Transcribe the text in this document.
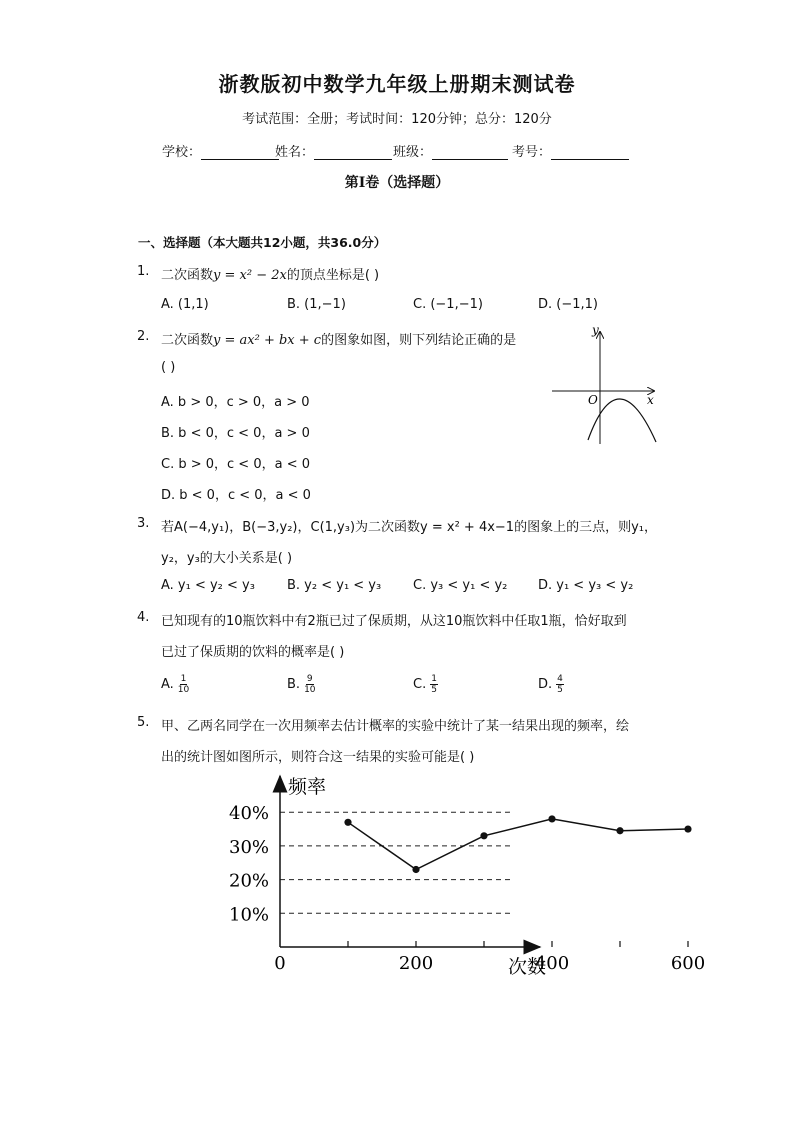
浙教版初中数学九年级上册期末测试卷
考试范围：全册；考试时间：120分钟；总分：120分
学校：	姓名：	班级：	考号：
第I卷（选择题）
一、选择题（本大题共12小题，共36.0分）
1. 二次函数y = x² − 2x的顶点坐标是( )
A. (1,1)	B. (1,−1)	C. (−1,−1)	D. (−1,1)
2. 二次函数y = ax² + bx + c的图象如图，则下列结论正确的是
( )
A. b > 0，c > 0，a > 0
B. b < 0，c < 0，a > 0
C. b > 0，c < 0，a < 0
D. b < 0，c < 0，a < 0
y
x
O
3. 若A(−4,y₁)，B(−3,y₂)，C(1,y₃)为二次函数y = x² + 4x−1的图象上的三点，则y₁，
y₂，y₃的大小关系是( )
A. y₁ < y₂ < y₃ B. y₂ < y₁ < y₃ C. y₃ < y₁ < y₂ D. y₁ < y₃ < y₂
4. 已知现有的10瓶饮料中有2瓶已过了保质期，从这10瓶饮料中任取1瓶，恰好取到
已过了保质期的饮料的概率是( )
A. $\frac{1}{10}$	B. $\frac{9}{10}$	C. $\frac{1}{5}$	D. $\frac{4}{5}$
5. 甲、乙两名同学在一次用频率去估计概率的实验中统计了某一结果出现的频率，绘
出的统计图如图所示，则符合这一结果的实验可能是( )
频率
次数
10%
20%
30%
40%
0	200	400	600
